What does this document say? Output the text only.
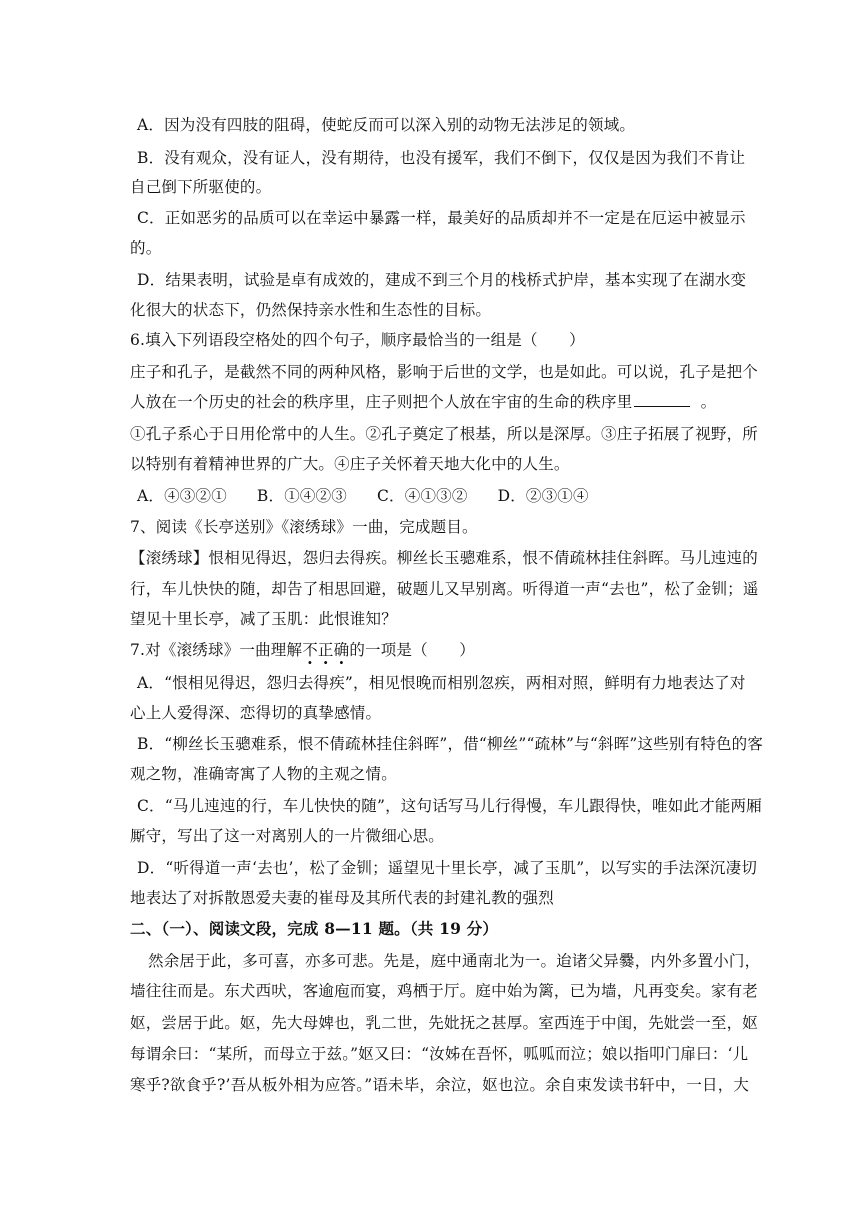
A．因为没有四肢的阻碍，使蛇反而可以深入别的动物无法涉足的领域。
B．没有观众，没有证人，没有期待，也没有援军，我们不倒下，仅仅是因为我们不肯让
自己倒下所驱使的。
C．正如恶劣的品质可以在幸运中暴露一样，最美好的品质却并不一定是在厄运中被显示
的。
D．结果表明，试验是卓有成效的，建成不到三个月的栈桥式护岸，基本实现了在湖水变
化很大的状态下，仍然保持亲水性和生态性的目标。
6.填入下列语段空格处的四个句子，顺序最恰当的一组是（　　）
庄子和孔子，是截然不同的两种风格，影响于后世的文学，也是如此。可以说，孔子是把个
人放在一个历史的社会的秩序里，庄子则把个人放在宇宙的生命的秩序里	。
①孔子系心于日用伦常中的人生。②孔子奠定了根基，所以是深厚。③庄子拓展了视野，所
以特别有着精神世界的广大。④庄子关怀着天地大化中的人生。
A．④③②① B．①④②③ C．④①③② D．②③①④
7、阅读《长亭送别》《滚绣球》一曲，完成题目。
【滚绣球】恨相见得迟，怨归去得疾。柳丝长玉骢难系，恨不倩疏林挂住斜晖。马儿迍迍的
行，车儿快快的随，却告了相思回避，破题儿又早别离。听得道一声“去也”，松了金钏；遥
望见十里长亭，减了玉肌：此恨谁知？
7.对《滚绣球》一曲理解不正确的一项是（　　）
A．“恨相见得迟，怨归去得疾”，相见恨晚而相别忽疾，两相对照，鲜明有力地表达了对
心上人爱得深、恋得切的真挚感情。
B．“柳丝长玉骢难系，恨不倩疏林挂住斜晖”，借“柳丝”“疏林”与“斜晖”这些别有特色的客
观之物，准确寄寓了人物的主观之情。
C．“马儿迍迍的行，车儿快快的随”，这句话写马儿行得慢，车儿跟得快，唯如此才能两厢
厮守，写出了这一对离别人的一片微细心思。
D．“听得道一声‘去也’，松了金钏；遥望见十里长亭，减了玉肌”，以写实的手法深沉凄切
地表达了对拆散恩爱夫妻的崔母及其所代表的封建礼教的强烈
二、（一）、阅读文段，完成 8—11 题。（共 19 分）
然余居于此，多可喜，亦多可悲。先是，庭中通南北为一。迨诸父异爨，内外多置小门，
墙往往而是。东犬西吠，客逾庖而宴，鸡栖于厅。庭中始为篱，已为墙，凡再变矣。家有老
妪，尝居于此。妪，先大母婢也，乳二世，先妣抚之甚厚。室西连于中闺，先妣尝一至，妪
每谓余曰：“某所，而母立于兹。”妪又曰：“汝姊在吾怀，呱呱而泣；娘以指叩门扉曰：‘儿
寒乎?欲食乎?’吾从板外相为应答。”语未毕，余泣，妪也泣。余自束发读书轩中，一日，大
